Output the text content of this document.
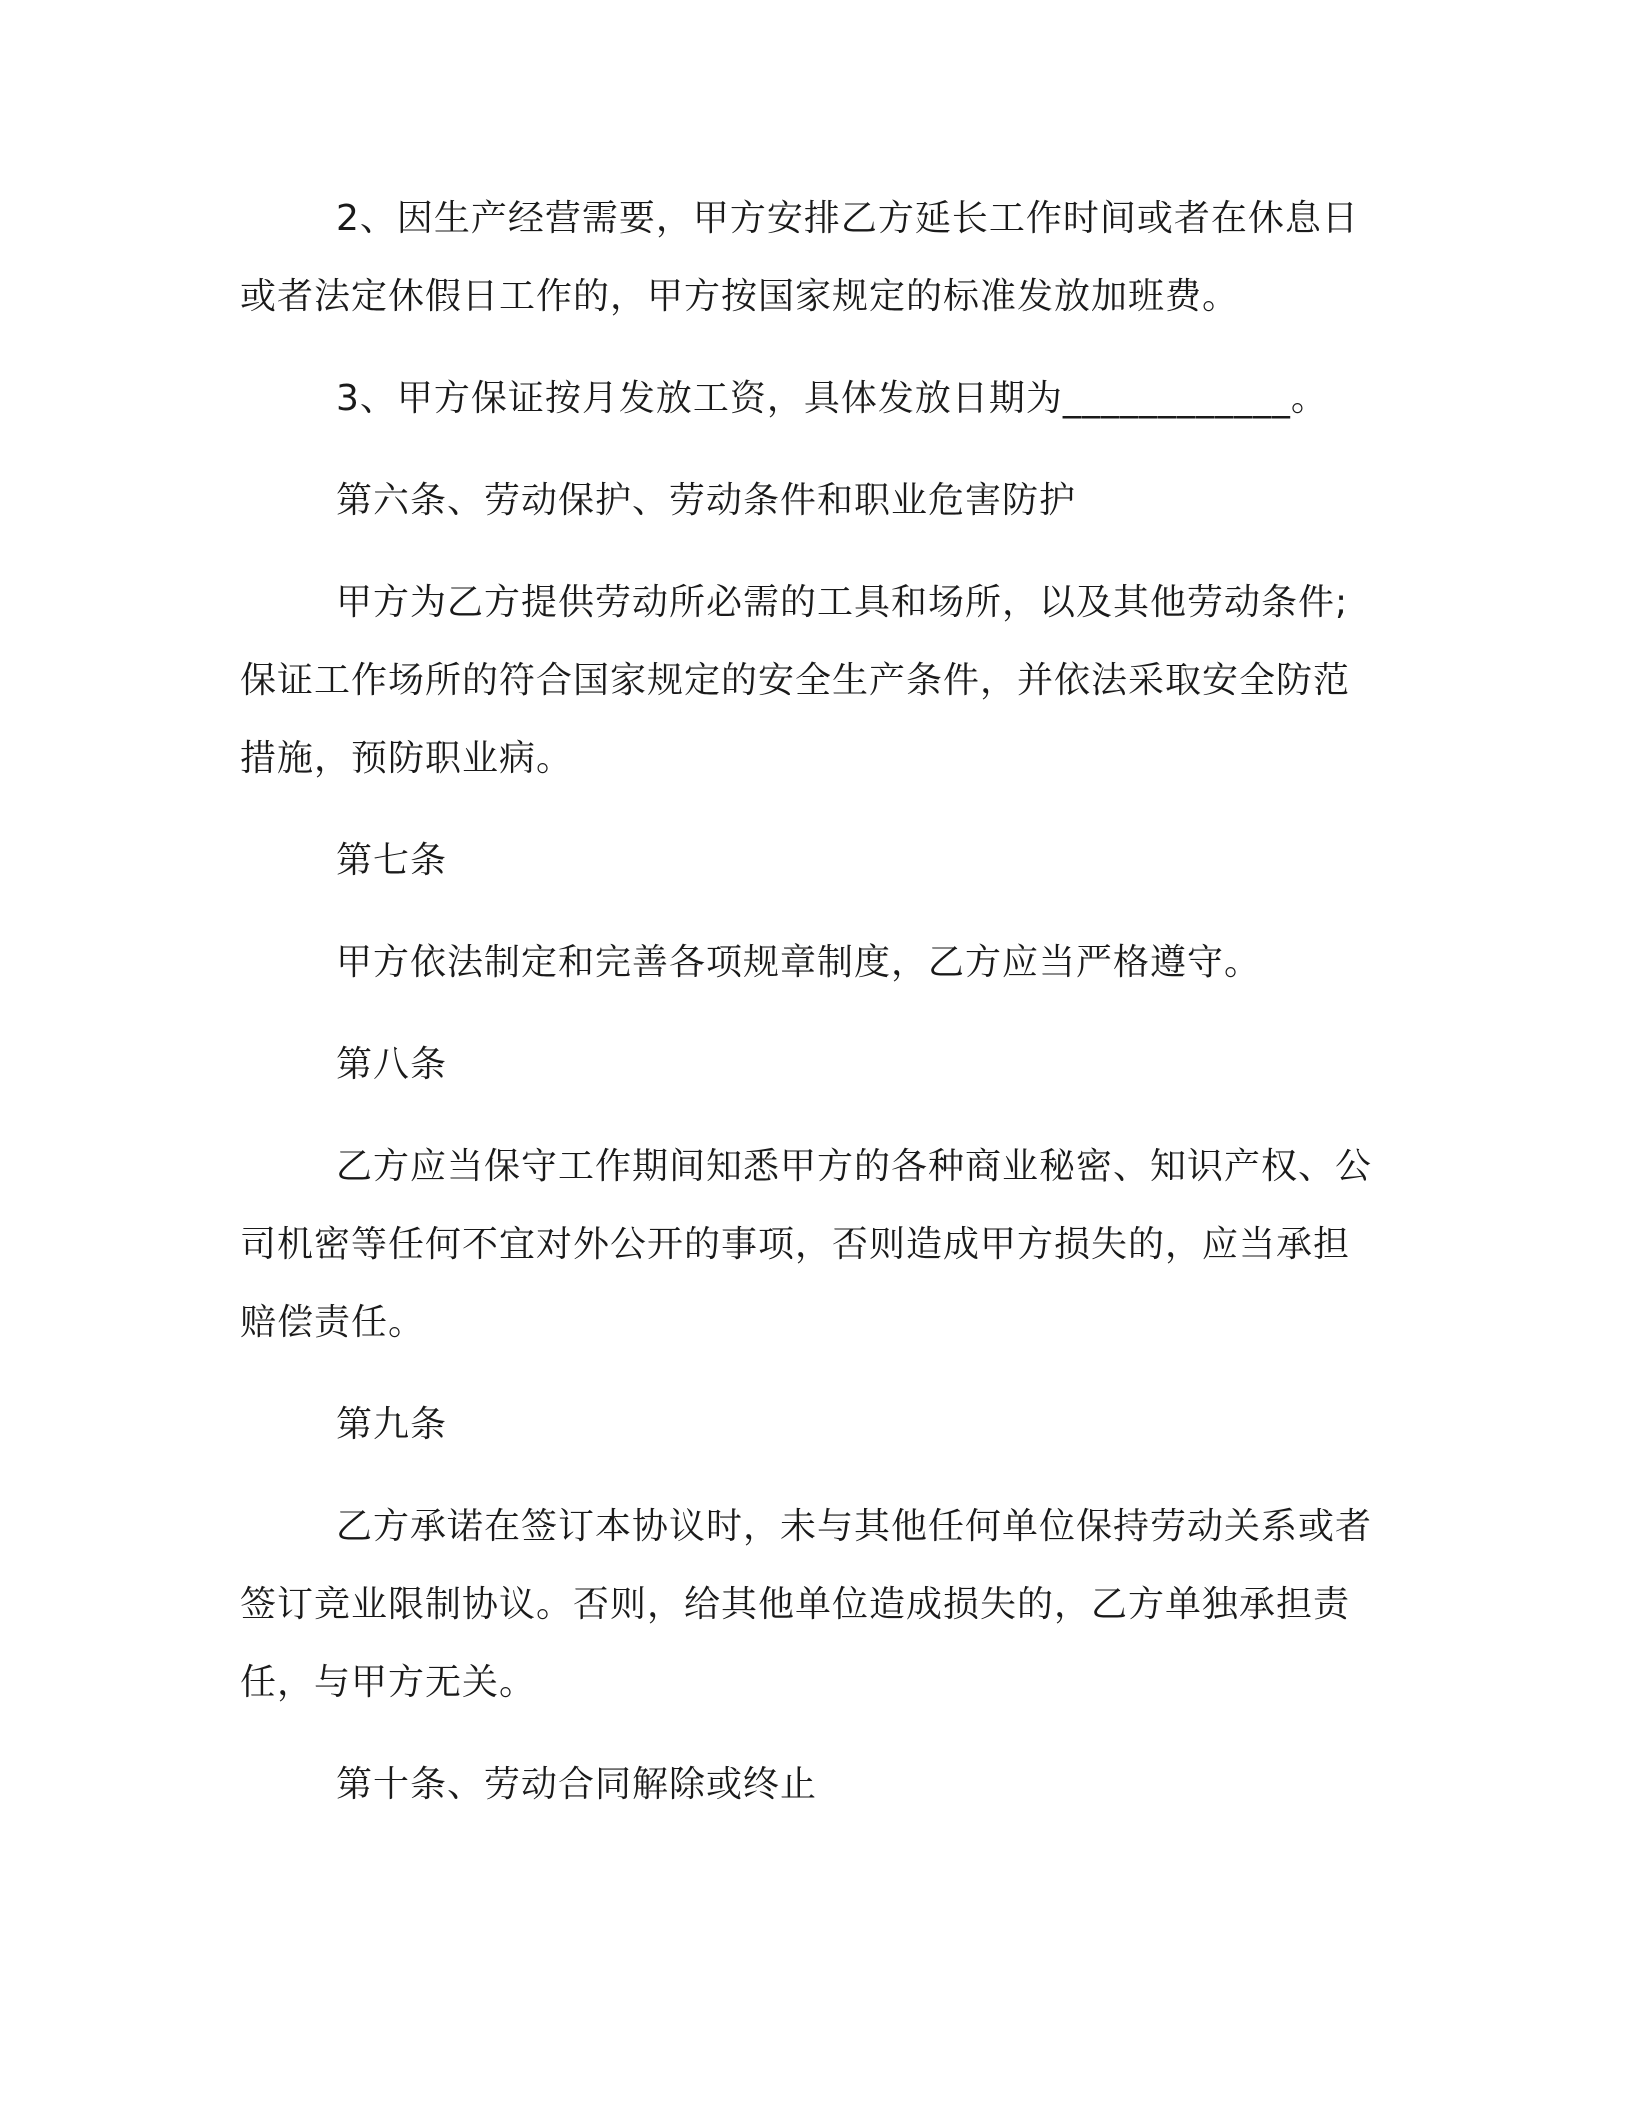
2、因生产经营需要，甲方安排乙方延长工作时间或者在休息日
或者法定休假日工作的，甲方按国家规定的标准发放加班费。
3、甲方保证按月发放工资，具体发放日期为____________。
第六条、劳动保护、劳动条件和职业危害防护
甲方为乙方提供劳动所必需的工具和场所，以及其他劳动条件;
保证工作场所的符合国家规定的安全生产条件，并依法采取安全防范
措施，预防职业病。
第七条
甲方依法制定和完善各项规章制度，乙方应当严格遵守。
第八条
乙方应当保守工作期间知悉甲方的各种商业秘密、知识产权、公
司机密等任何不宜对外公开的事项，否则造成甲方损失的，应当承担
赔偿责任。
第九条
乙方承诺在签订本协议时，未与其他任何单位保持劳动关系或者
签订竞业限制协议。否则，给其他单位造成损失的，乙方单独承担责
任，与甲方无关。
第十条、劳动合同解除或终止
